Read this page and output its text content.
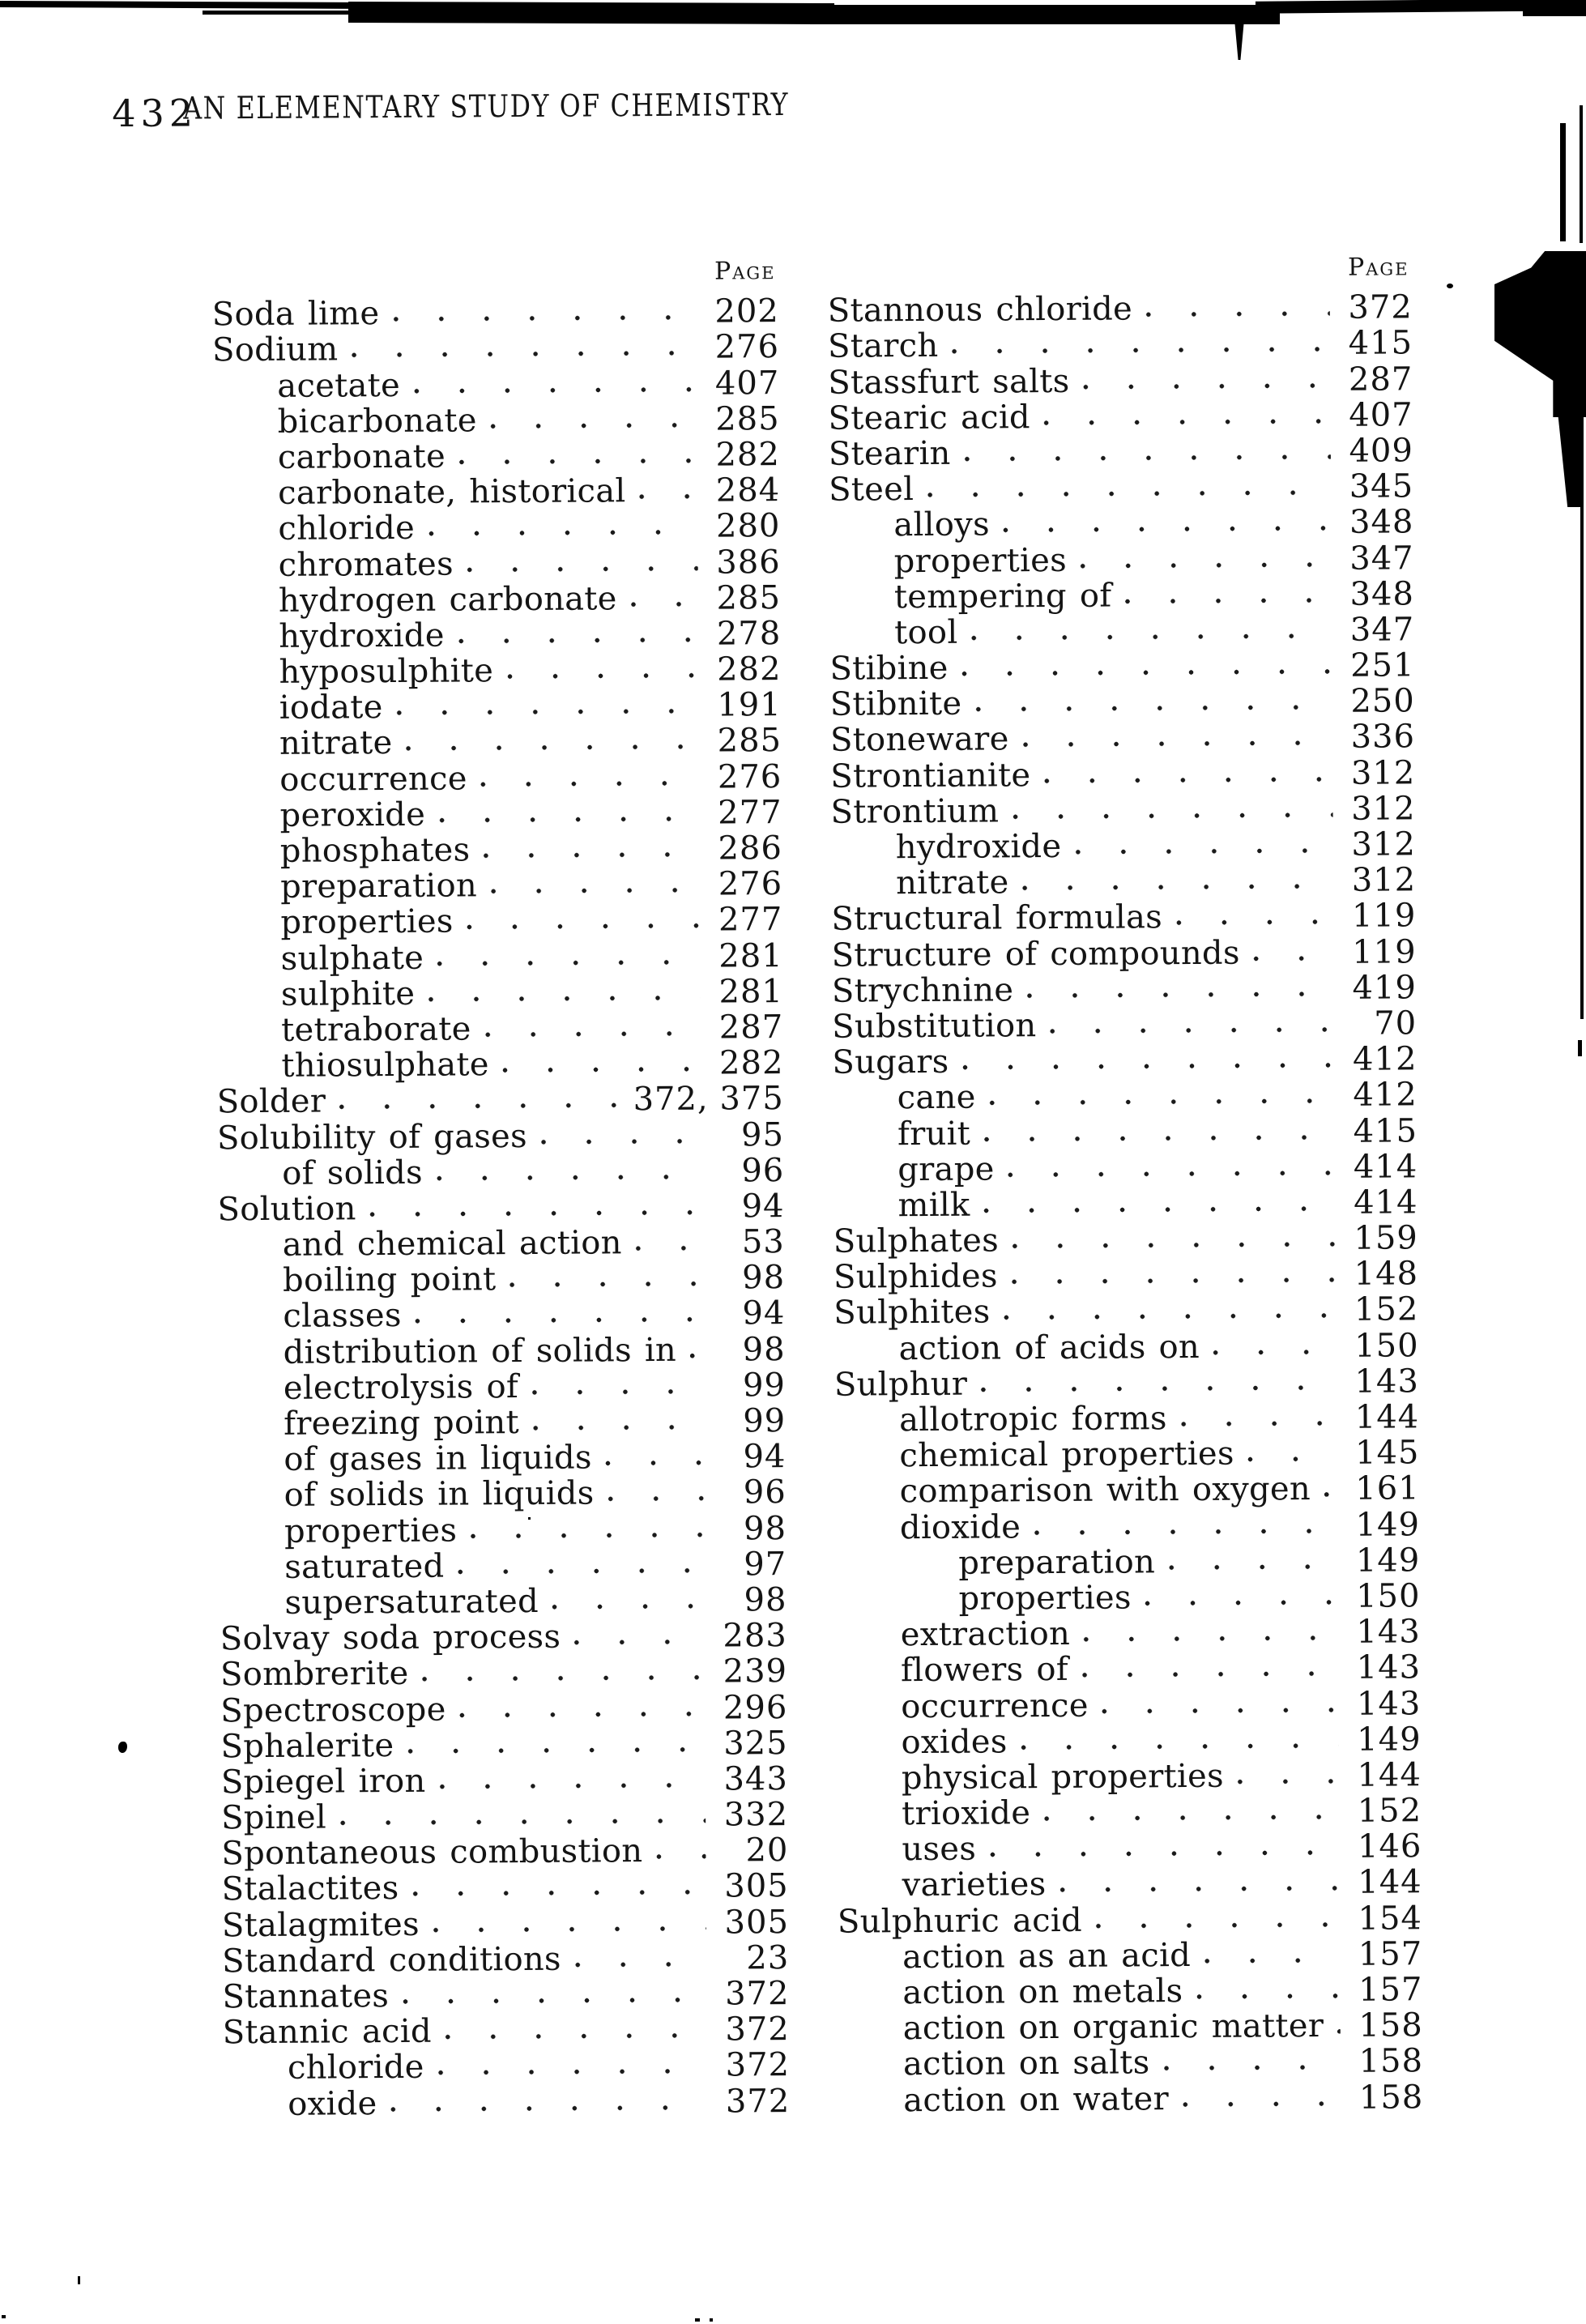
432
AN ELEMENTARY STUDY OF CHEMISTRY
Page
Soda lime	202
Sodium	276
acetate	407
bicarbonate	285
carbonate	282
carbonate, historical	284
chloride	280
chromates	386
hydrogen carbonate	285
hydroxide	278
hyposulphite	282
iodate	191
nitrate	285
occurrence	276
peroxide	277
phosphates	286
preparation	276
properties	277
sulphate	281
sulphite	281
tetraborate	287
thiosulphate	282
Solder	372, 375
Solubility of gases	95
of solids	96
Solution	94
and chemical action	53
boiling point	98
classes	94
distribution of solids in	98
electrolysis of	99
freezing point	99
of gases in liquids	94
of solids in liquids	96
properties	98
saturated	97
supersaturated	98
Solvay soda process	283
Sombrerite	239
Spectroscope	296
Sphalerite	325
Spiegel iron	343
Spinel	332
Spontaneous combustion	20
Stalactites	305
Stalagmites	305
Standard conditions	23
Stannates	372
Stannic acid	372
chloride	372
oxide	372
Page
Stannous chloride	372
Starch	415
Stassfurt salts	287
Stearic acid	407
Stearin	409
Steel	345
alloys	348
properties	347
tempering of	348
tool	347
Stibine	251
Stibnite	250
Stoneware	336
Strontianite	312
Strontium	312
hydroxide	312
nitrate	312
Structural formulas	119
Structure of compounds	119
Strychnine	419
Substitution	70
Sugars	412
cane	412
fruit	415
grape	414
milk	414
Sulphates	159
Sulphides	148
Sulphites	152
action of acids on	150
Sulphur	143
allotropic forms	144
chemical properties	145
comparison with oxygen	161
dioxide	149
preparation	149
properties	150
extraction	143
flowers of	143
occurrence	143
oxides	149
physical properties	144
trioxide	152
uses	146
varieties	144
Sulphuric acid	154
action as an acid	157
action on metals	157
action on organic matter	158
action on salts	158
action on water	158
